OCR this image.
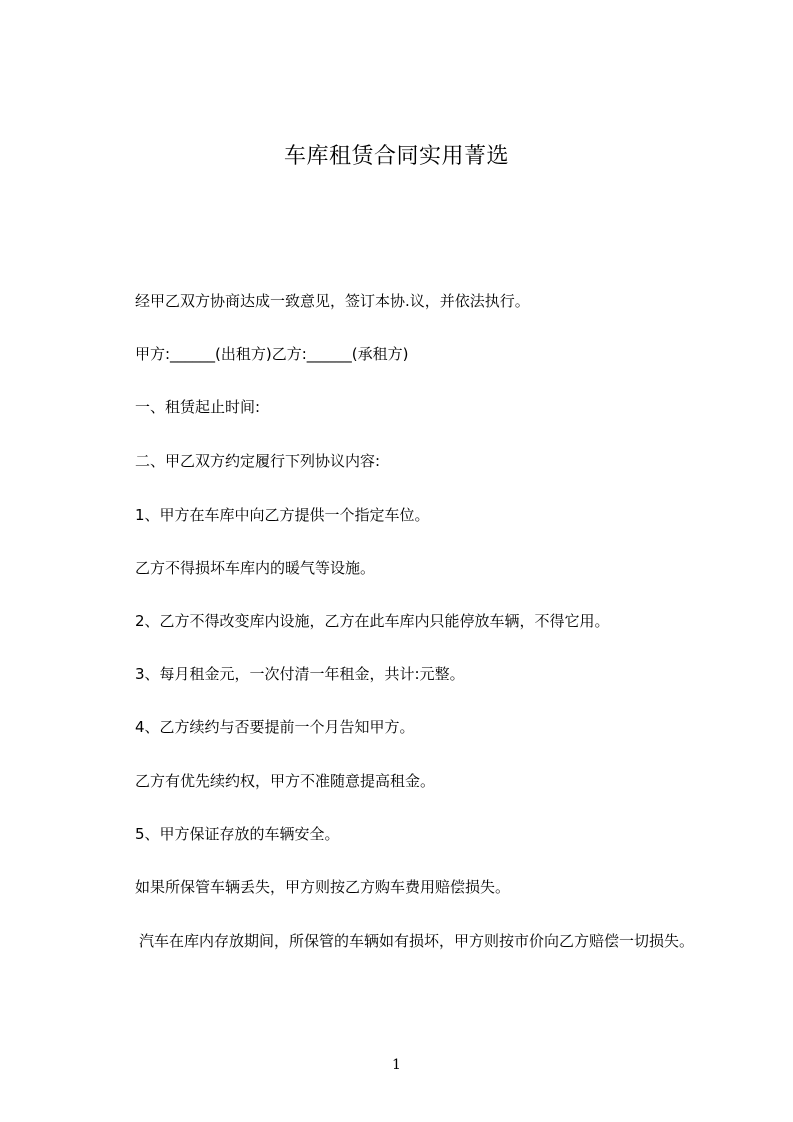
车库租赁合同实用菁选
经甲乙双方协商达成一致意见，签订本协.议，并依法执行。
甲方:______(出租方)乙方:______(承租方)
一、租赁起止时间:
二、甲乙双方约定履行下列协议内容:
1、甲方在车库中向乙方提供一个指定车位。
乙方不得损坏车库内的暖气等设施。
2、乙方不得改变库内设施，乙方在此车库内只能停放车辆，不得它用。
3、每月租金元，一次付清一年租金，共计:元整。
4、乙方续约与否要提前一个月告知甲方。
乙方有优先续约权，甲方不准随意提高租金。
5、甲方保证存放的车辆安全。
如果所保管车辆丢失，甲方则按乙方购车费用赔偿损失。
汽车在库内存放期间，所保管的车辆如有损坏，甲方则按市价向乙方赔偿一切损失。
1
